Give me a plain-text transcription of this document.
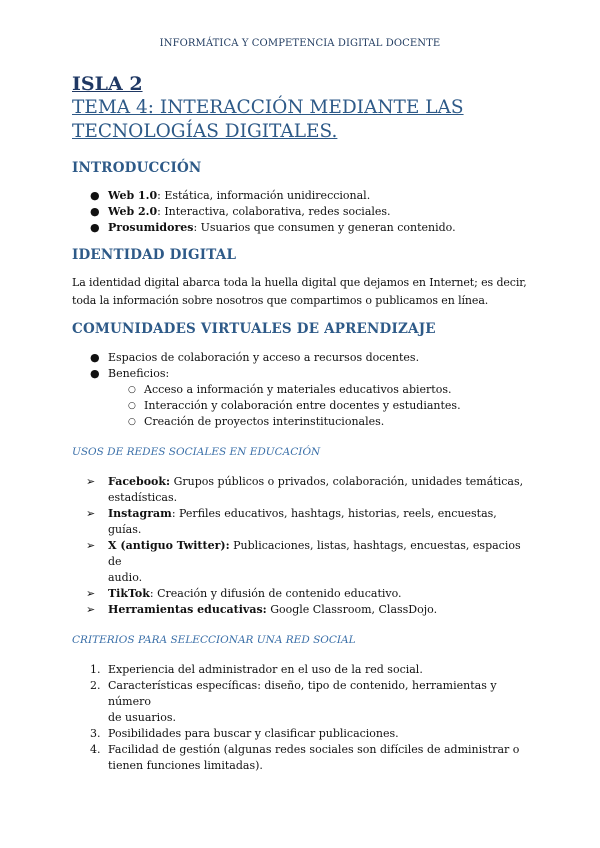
INFORMÁTICA Y COMPETENCIA DIGITAL DOCENTE
ISLA 2
TEMA 4: INTERACCIÓN MEDIANTE LAS
TECNOLOGÍAS DIGITALES.
INTRODUCCIÓN
● Web 1.0: Estática, información unidireccional.
● Web 2.0: Interactiva, colaborativa, redes sociales.
● Prosumidores: Usuarios que consumen y generan contenido.
IDENTIDAD DIGITAL

La identidad digital abarca toda la huella digital que dejamos en Internet; es decir,
toda la información sobre nosotros que compartimos o publicamos en línea.

COMUNIDADES VIRTUALES DE APRENDIZAJE
● Espacios de colaboración y acceso a recursos docentes.
● Beneficios:
○ Acceso a información y materiales educativos abiertos.
○ Interacción y colaboración entre docentes y estudiantes.
○ Creación de proyectos interinstitucionales.
USOS DE REDES SOCIALES EN EDUCACIÓN
➢ Facebook: Grupos públicos o privados, colaboración, unidades temáticas,
estadísticas.
➢ Instagram: Perfiles educativos, hashtags, historias, reels, encuestas, guías.
➢ X (antiguo Twitter): Publicaciones, listas, hashtags, encuestas, espacios de
audio.
➢ TikTok: Creación y difusión de contenido educativo.
➢ Herramientas educativas: Google Classroom, ClassDojo.
CRITERIOS PARA SELECCIONAR UNA RED SOCIAL
1. Experiencia del administrador en el uso de la red social.
2. Características específicas: diseño, tipo de contenido, herramientas y número
de usuarios.
3. Posibilidades para buscar y clasificar publicaciones.
4. Facilidad de gestión (algunas redes sociales son difíciles de administrar o
tienen funciones limitadas).
